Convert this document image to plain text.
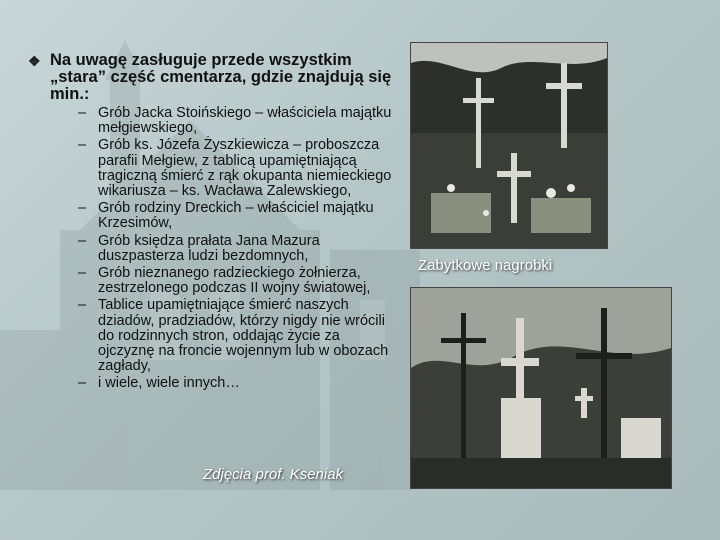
❖ Na uwagę zasługuje przede wszystkim „stara” część cmentarza, gdzie znajdują się min.:
– Grób Jacka Stoińskiego – właściciela majątku mełgiewskiego,
– Grób ks. Józefa Żyszkiewicza – proboszcza parafii Mełgiew, z tablicą upamiętniającą tragiczną śmierć z rąk okupanta niemieckiego wikariusza – ks. Wacława Zalewskiego,
– Grób rodziny Dreckich – właściciel majątku Krzesimów,
– Grób księdza prałata Jana Mazura duszpasterza ludzi bezdomnych,
– Grób nieznanego radzieckiego żołnierza, zestrzelonego podczas II wojny światowej,
– Tablice upamiętniające śmierć naszych dziadów, pradziadów, którzy nigdy nie wrócili do rodzinnych stron, oddając życie za ojczyznę na froncie wojennym lub w obozach zagłady,
– i wiele, wiele innych…
Zabytkowe nagrobki
Zdjęcia prof. Kseniak
